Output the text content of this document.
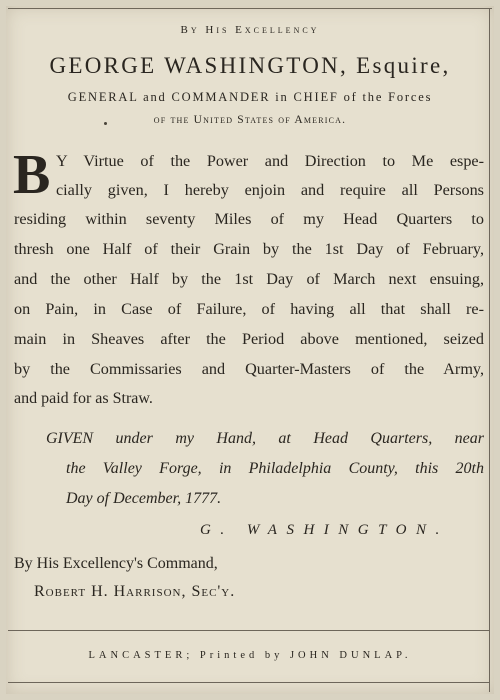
By His Excellency
GEORGE WASHINGTON, Esquire,
GENERAL and COMMANDER in CHIEF of the Forces
of the United States of America.
B Y Virtue of the Power and Direction to Me espe-
cially given, I hereby enjoin and require all Persons
residing within seventy Miles of my Head Quarters to
thresh one Half of their Grain by the 1st Day of February,
and the other Half by the 1st Day of March next ensuing,
on Pain, in Case of Failure, of having all that shall re-
main in Sheaves after the Period above mentioned, seized
by the Commissaries and Quarter-Masters of the Army,
and paid for as Straw.
GIVEN under my Hand, at Head Quarters, near
the Valley Forge, in Philadelphia County, this 20th
Day of December, 1777.
G. WASHINGTON.
By His Excellency's Command,
Robert H. Harrison, Sec'y.
LANCASTER; Printed by JOHN DUNLAP.
